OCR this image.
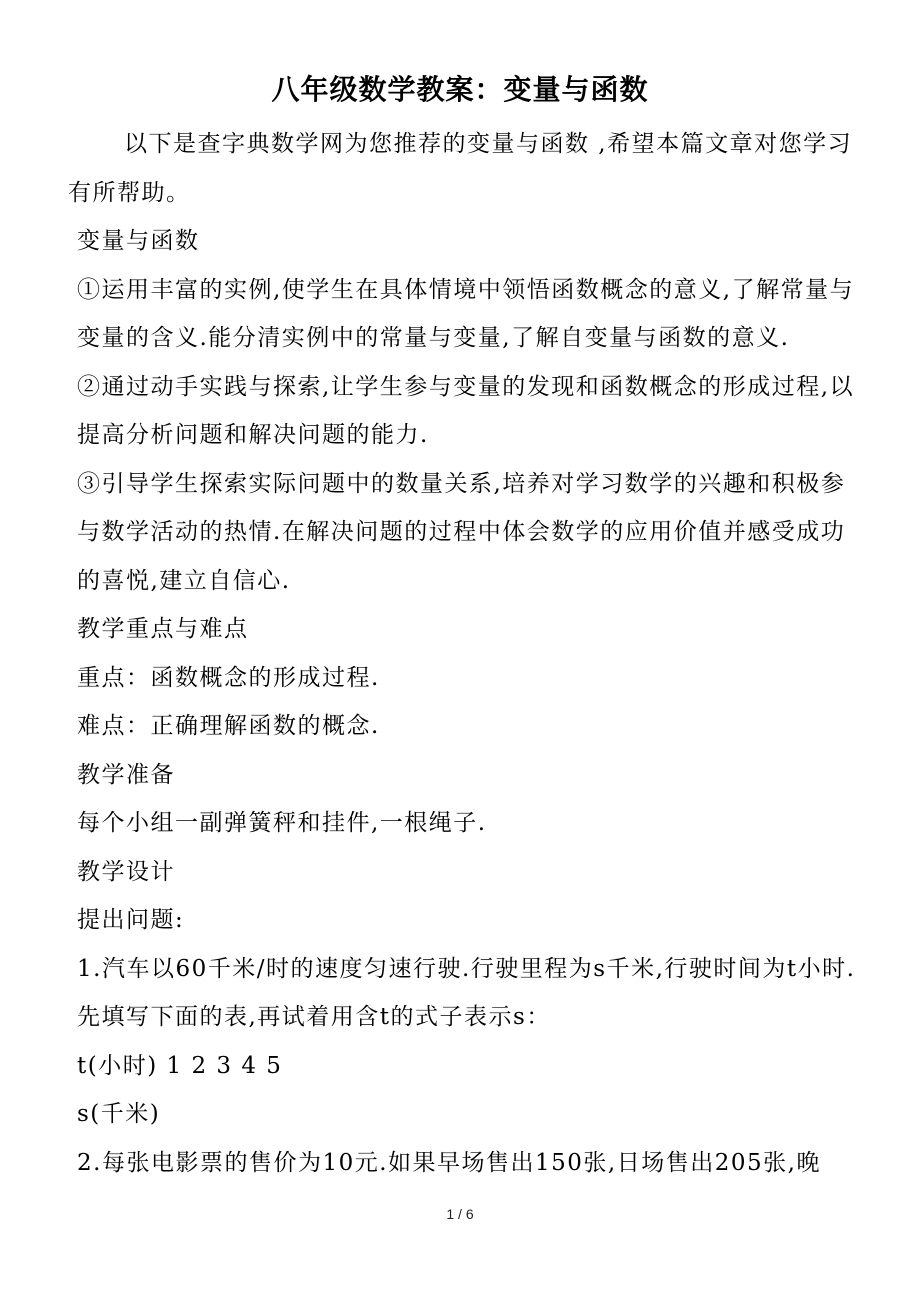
八年级数学教案：变量与函数

以下是查字典数学网为您推荐的变量与函数 ,希望本篇文章对您学习有所帮助。

变量与函数

①运用丰富的实例,使学生在具体情境中领悟函数概念的意义,了解常量与变量的含义.能分清实例中的常量与变量,了解自变量与函数的意义.

②通过动手实践与探索,让学生参与变量的发现和函数概念的形成过程,以提高分析问题和解决问题的能力.

③引导学生探索实际问题中的数量关系,培养对学习数学的兴趣和积极参与数学活动的热情.在解决问题的过程中体会数学的应用价值并感受成功的喜悦,建立自信心.

教学重点与难点

重点：函数概念的形成过程.

难点：正确理解函数的概念.

教学准备

每个小组一副弹簧秤和挂件,一根绳子.

教学设计

提出问题:

1.汽车以60千米/时的速度匀速行驶.行驶里程为s千米,行驶时间为t小时.先填写下面的表,再试着用含t的式子表示s：

t(小时) 1 2 3 4 5

s(千米)

2.每张电影票的售价为10元.如果早场售出150张,日场售出205张,晚

1 / 6
